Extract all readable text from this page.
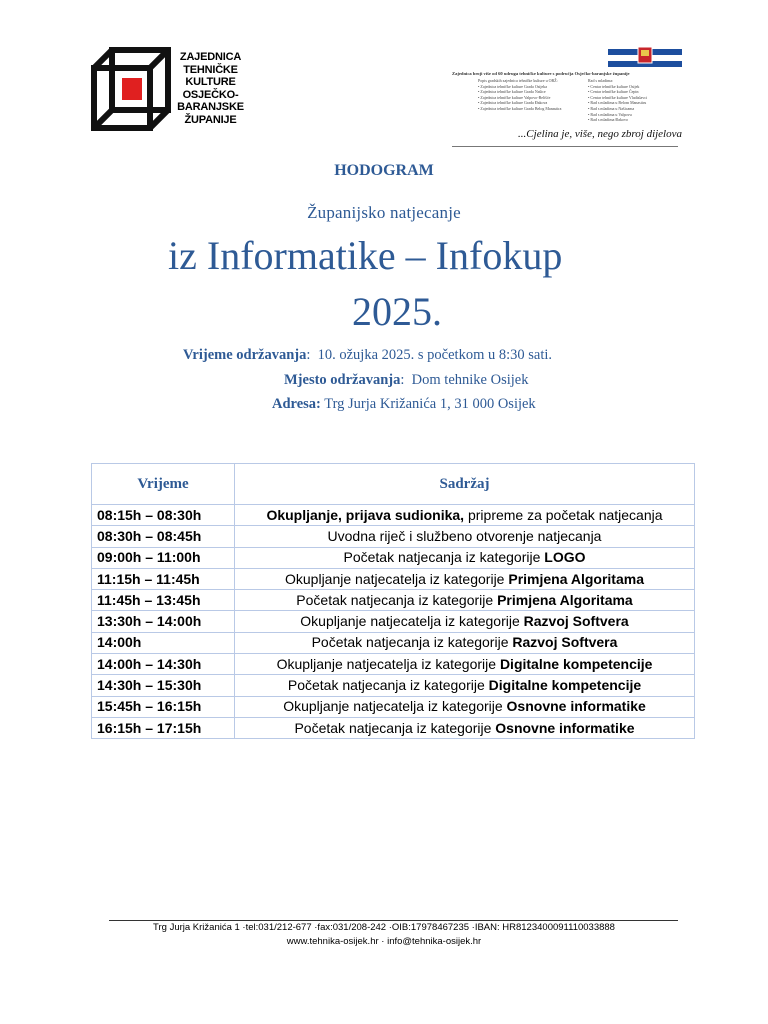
ZAJEDNICA
TEHNIČKE
KULTURE
OSJEČKO-
BARANJSKE
ŽUPANIJE
Zajednica broji više od 60 udruga tehničke kulture s područja Osječko-baranjske županije
Popis gradskih zajednica tehničke kulture u OBŽ:
• Zajednica tehničke kulture Grada Osijeka
• Zajednica tehničke kulture Grada Našice
• Zajednica tehničke kulture Valpovo-Belišće
• Zajednica tehničke kulture Grada Đakova
• Zajednica tehničke kulture Grada Belog Manastira
Rad s mladima:
• Centar tehničke kulture Osijek
• Centar tehničke kulture Čepin
• Centar tehničke kulture Vladislavci
• Rad s mladima u Belom Manastiru
• Rad s mladima u Našicama
• Rad s mladima u Valpovu
• Rad s mladima Đakovo
...Cjelina je, više, nego zbroj dijelova
HODOGRAM
Županijsko natjecanje
iz Informatike – Infokup
2025.
Vrijeme održavanja:  10. ožujka 2025. s početkom u 8:30 sati.
Mjesto održavanja:  Dom tehnike Osijek
Adresa: Trg Jurja Križanića 1, 31 000 Osijek
Vrijeme	Sadržaj
08:15h – 08:30h	Okupljanje, prijava sudionika, pripreme za početak natjecanja
08:30h – 08:45h	Uvodna riječ i službeno otvorenje natjecanja
09:00h – 11:00h	Početak natjecanja iz kategorije LOGO
11:15h – 11:45h	Okupljanje natjecatelja iz kategorije Primjena Algoritama
11:45h – 13:45h	Početak natjecanja iz kategorije Primjena Algoritama
13:30h – 14:00h	Okupljanje natjecatelja iz kategorije Razvoj Softvera
14:00h	Početak natjecanja iz kategorije Razvoj Softvera
14:00h – 14:30h	Okupljanje natjecatelja iz kategorije Digitalne kompetencije
14:30h – 15:30h	Početak natjecanja iz kategorije Digitalne kompetencije
15:45h – 16:15h	Okupljanje natjecatelja iz kategorije Osnovne informatike
16:15h – 17:15h	Početak natjecanja iz kategorije Osnovne informatike
Trg Jurja Križanića 1 ·tel:031/212-677 ·fax:031/208-242 ·OIB:17978467235 ·IBAN: HR8123400091110033888
www.tehnika-osijek.hr · info@tehnika-osijek.hr
